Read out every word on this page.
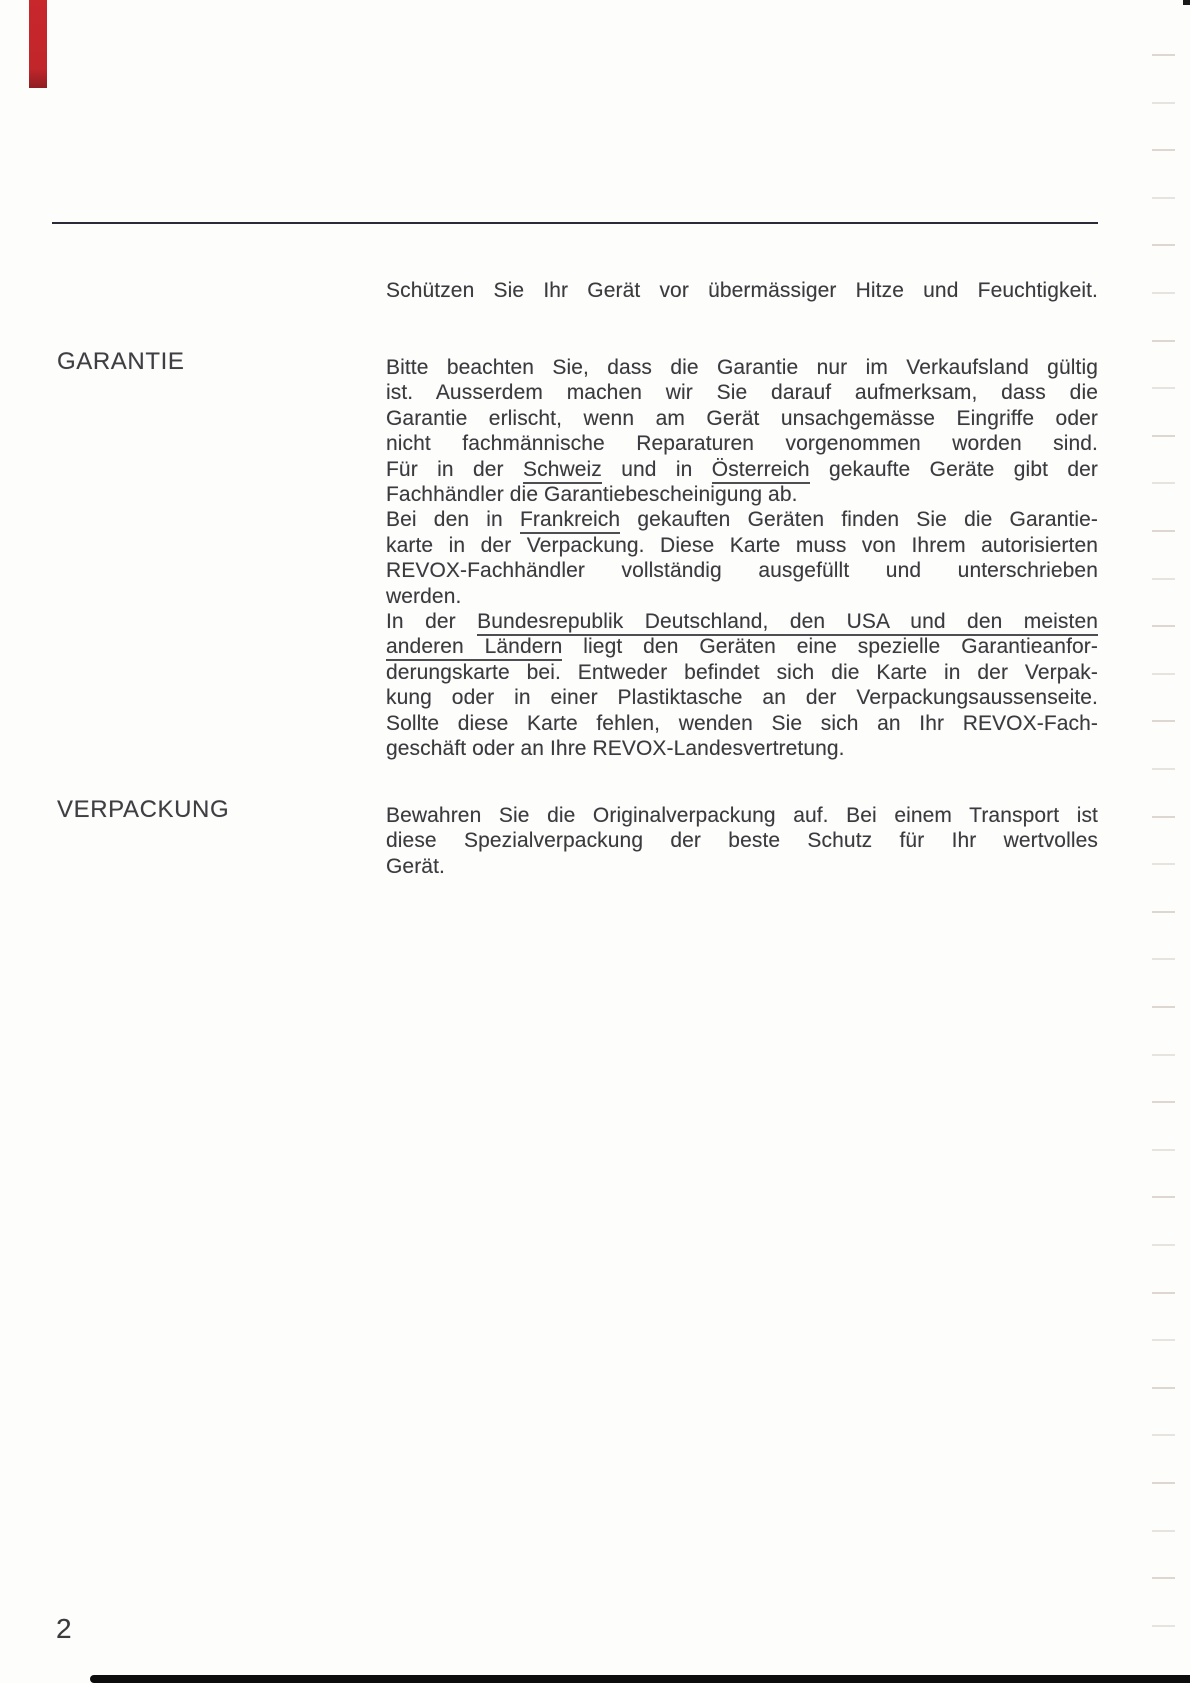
Schützen Sie Ihr Gerät vor übermässiger Hitze und Feuchtigkeit.
GARANTIE	Bitte beachten Sie, dass die Garantie nur im Verkaufsland gültig
ist. Ausserdem machen wir Sie darauf aufmerksam, dass die
Garantie erlischt, wenn am Gerät unsachgemässe Eingriffe oder
nicht fachmännische Reparaturen vorgenommen worden sind.
Für in der Schweiz und in Österreich gekaufte Geräte gibt der
Fachhändler die Garantiebescheinigung ab.
Bei den in Frankreich gekauften Geräten finden Sie die Garantie-
karte in der Verpackung. Diese Karte muss von Ihrem autorisierten
REVOX-Fachhändler vollständig ausgefüllt und unterschrieben
werden.
In der Bundesrepublik Deutschland, den USA und den meisten
anderen Ländern liegt den Geräten eine spezielle Garantieanfor-
derungskarte bei. Entweder befindet sich die Karte in der Verpak-
kung oder in einer Plastiktasche an der Verpackungsaussenseite.
Sollte diese Karte fehlen, wenden Sie sich an Ihr REVOX-Fach-
geschäft oder an Ihre REVOX-Landesvertretung.
VERPACKUNG	Bewahren Sie die Originalverpackung auf. Bei einem Transport ist
diese Spezialverpackung der beste Schutz für Ihr wertvolles
Gerät.
2
